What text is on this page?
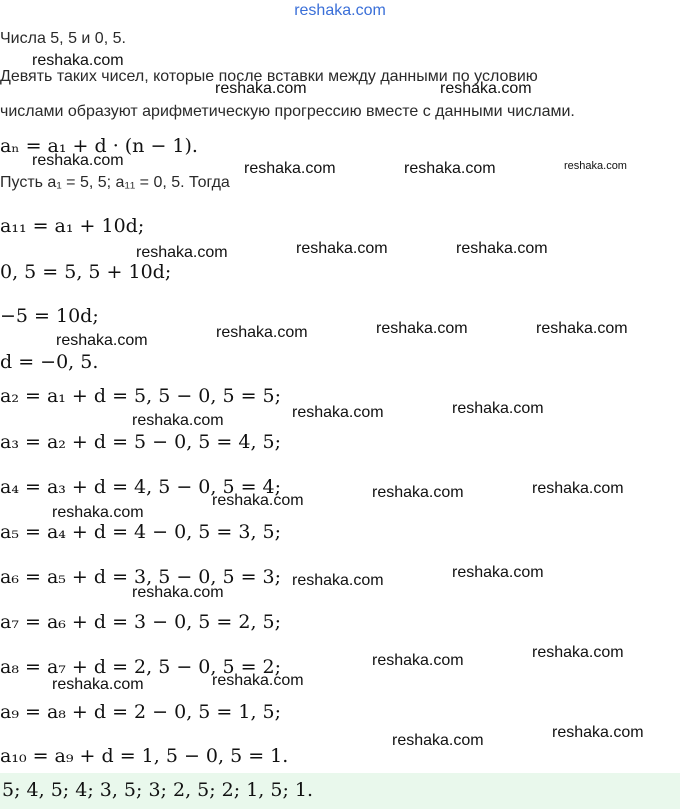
reshaka.com
Числа 5, 5 и 0, 5.
Девять таких чисел, которые после вставки между данными по условию
числами образуют арифметическую прогрессию вместе с данными числами.
aₙ = a₁ + d · (n − 1).
Пусть a₁ = 5, 5; a₁₁ = 0, 5. Тогда
a₁₁ = a₁ + 10d;
0, 5 = 5, 5 + 10d;
−5 = 10d;
d = −0, 5.
a₂ = a₁ + d = 5, 5 − 0, 5 = 5;
a₃ = a₂ + d = 5 − 0, 5 = 4, 5;
a₄ = a₃ + d = 4, 5 − 0, 5 = 4;
a₅ = a₄ + d = 4 − 0, 5 = 3, 5;
a₆ = a₅ + d = 3, 5 − 0, 5 = 3;
a₇ = a₆ + d = 3 − 0, 5 = 2, 5;
a₈ = a₇ + d = 2, 5 − 0, 5 = 2;
a₉ = a₈ + d = 2 − 0, 5 = 1, 5;
a₁₀ = a₉ + d = 1, 5 − 0, 5 = 1.
5; 4, 5; 4; 3, 5; 3; 2, 5; 2; 1, 5; 1.
reshaka.com
reshaka.com	reshaka.com
reshaka.com	reshaka.com	reshaka.com	reshaka.com
reshaka.com	reshaka.com	reshaka.com
reshaka.com	reshaka.com	reshaka.com	reshaka.com
reshaka.com	reshaka.com
reshaka.com
reshaka.com	reshaka.com
reshaka.com
reshaka.com
reshaka.com	reshaka.com
reshaka.com
reshaka.com	reshaka.com
reshaka.com
reshaka.com
reshaka.com	reshaka.com
